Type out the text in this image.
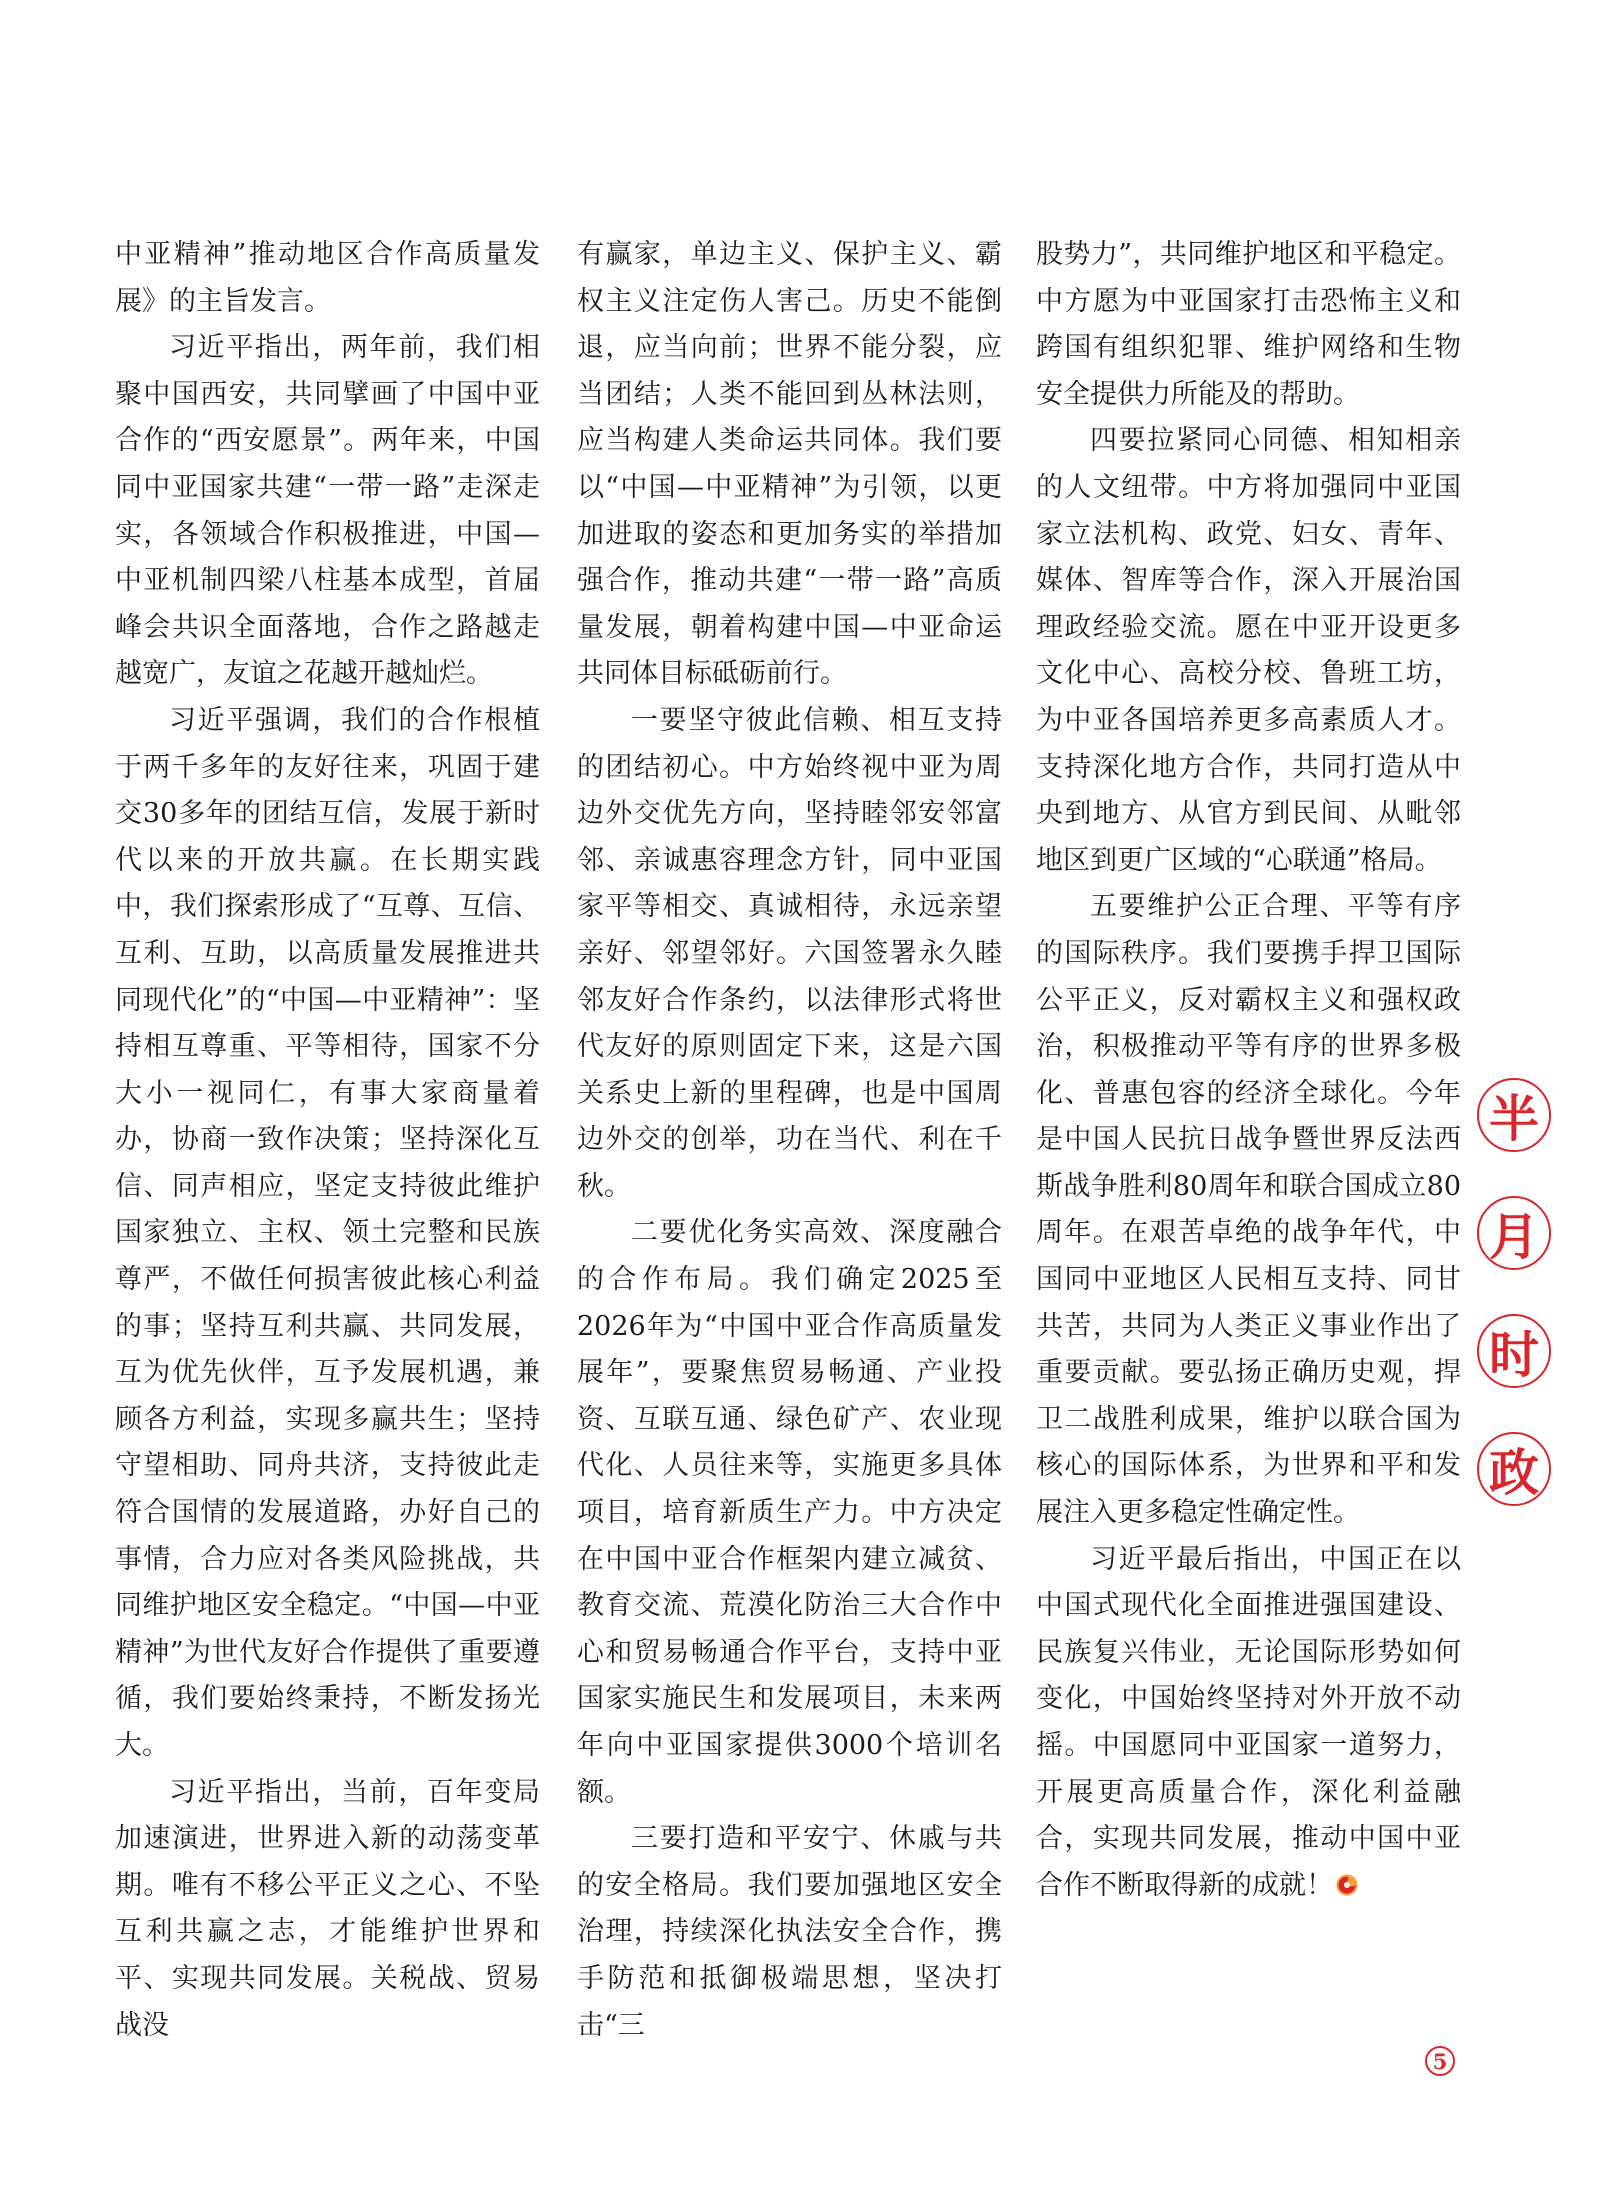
中亚精神”推动地区合作高质量发展》的主旨发言。

习近平指出，两年前，我们相聚中国西安，共同擘画了中国中亚合作的“西安愿景”。两年来，中国同中亚国家共建“一带一路”走深走实，各领域合作积极推进，中国—中亚机制四梁八柱基本成型，首届峰会共识全面落地，合作之路越走越宽广，友谊之花越开越灿烂。

习近平强调，我们的合作根植于两千多年的友好往来，巩固于建交30多年的团结互信，发展于新时代以来的开放共赢。在长期实践中，我们探索形成了“互尊、互信、互利、互助，以高质量发展推进共同现代化”的“中国—中亚精神”：坚持相互尊重、平等相待，国家不分大小一视同仁，有事大家商量着办，协商一致作决策；坚持深化互信、同声相应，坚定支持彼此维护国家独立、主权、领土完整和民族尊严，不做任何损害彼此核心利益的事；坚持互利共赢、共同发展，互为优先伙伴，互予发展机遇，兼顾各方利益，实现多赢共生；坚持守望相助、同舟共济，支持彼此走符合国情的发展道路，办好自己的事情，合力应对各类风险挑战，共同维护地区安全稳定。“中国—中亚精神”为世代友好合作提供了重要遵循，我们要始终秉持，不断发扬光大。

习近平指出，当前，百年变局加速演进，世界进入新的动荡变革期。唯有不移公平正义之心、不坠互利共赢之志，才能维护世界和平、实现共同发展。关税战、贸易战没

有赢家，单边主义、保护主义、霸权主义注定伤人害己。历史不能倒退，应当向前；世界不能分裂，应当团结；人类不能回到丛林法则，应当构建人类命运共同体。我们要以“中国—中亚精神”为引领，以更加进取的姿态和更加务实的举措加强合作，推动共建“一带一路”高质量发展，朝着构建中国—中亚命运共同体目标砥砺前行。

一要坚守彼此信赖、相互支持的团结初心。中方始终视中亚为周边外交优先方向，坚持睦邻安邻富邻、亲诚惠容理念方针，同中亚国家平等相交、真诚相待，永远亲望亲好、邻望邻好。六国签署永久睦邻友好合作条约，以法律形式将世代友好的原则固定下来，这是六国关系史上新的里程碑，也是中国周边外交的创举，功在当代、利在千秋。

二要优化务实高效、深度融合的合作布局。我们确定2025至2026年为“中国中亚合作高质量发展年”，要聚焦贸易畅通、产业投资、互联互通、绿色矿产、农业现代化、人员往来等，实施更多具体项目，培育新质生产力。中方决定在中国中亚合作框架内建立减贫、教育交流、荒漠化防治三大合作中心和贸易畅通合作平台，支持中亚国家实施民生和发展项目，未来两年向中亚国家提供3000个培训名额。

三要打造和平安宁、休戚与共的安全格局。我们要加强地区安全治理，持续深化执法安全合作，携手防范和抵御极端思想，坚决打击“三

股势力”，共同维护地区和平稳定。中方愿为中亚国家打击恐怖主义和跨国有组织犯罪、维护网络和生物安全提供力所能及的帮助。

四要拉紧同心同德、相知相亲的人文纽带。中方将加强同中亚国家立法机构、政党、妇女、青年、媒体、智库等合作，深入开展治国理政经验交流。愿在中亚开设更多文化中心、高校分校、鲁班工坊，为中亚各国培养更多高素质人才。支持深化地方合作，共同打造从中央到地方、从官方到民间、从毗邻地区到更广区域的“心联通”格局。

五要维护公正合理、平等有序的国际秩序。我们要携手捍卫国际公平正义，反对霸权主义和强权政治，积极推动平等有序的世界多极化、普惠包容的经济全球化。今年是中国人民抗日战争暨世界反法西斯战争胜利80周年和联合国成立80周年。在艰苦卓绝的战争年代，中国同中亚地区人民相互支持、同甘共苦，共同为人类正义事业作出了重要贡献。要弘扬正确历史观，捍卫二战胜利成果，维护以联合国为核心的国际体系，为世界和平和发展注入更多稳定性确定性。

习近平最后指出，中国正在以中国式现代化全面推进强国建设、民族复兴伟业，无论国际形势如何变化，中国始终坚持对外开放不动摇。中国愿同中亚国家一道努力，开展更高质量合作，深化利益融合，实现共同发展，推动中国中亚合作不断取得新的成就！

半
月
时
政
5
